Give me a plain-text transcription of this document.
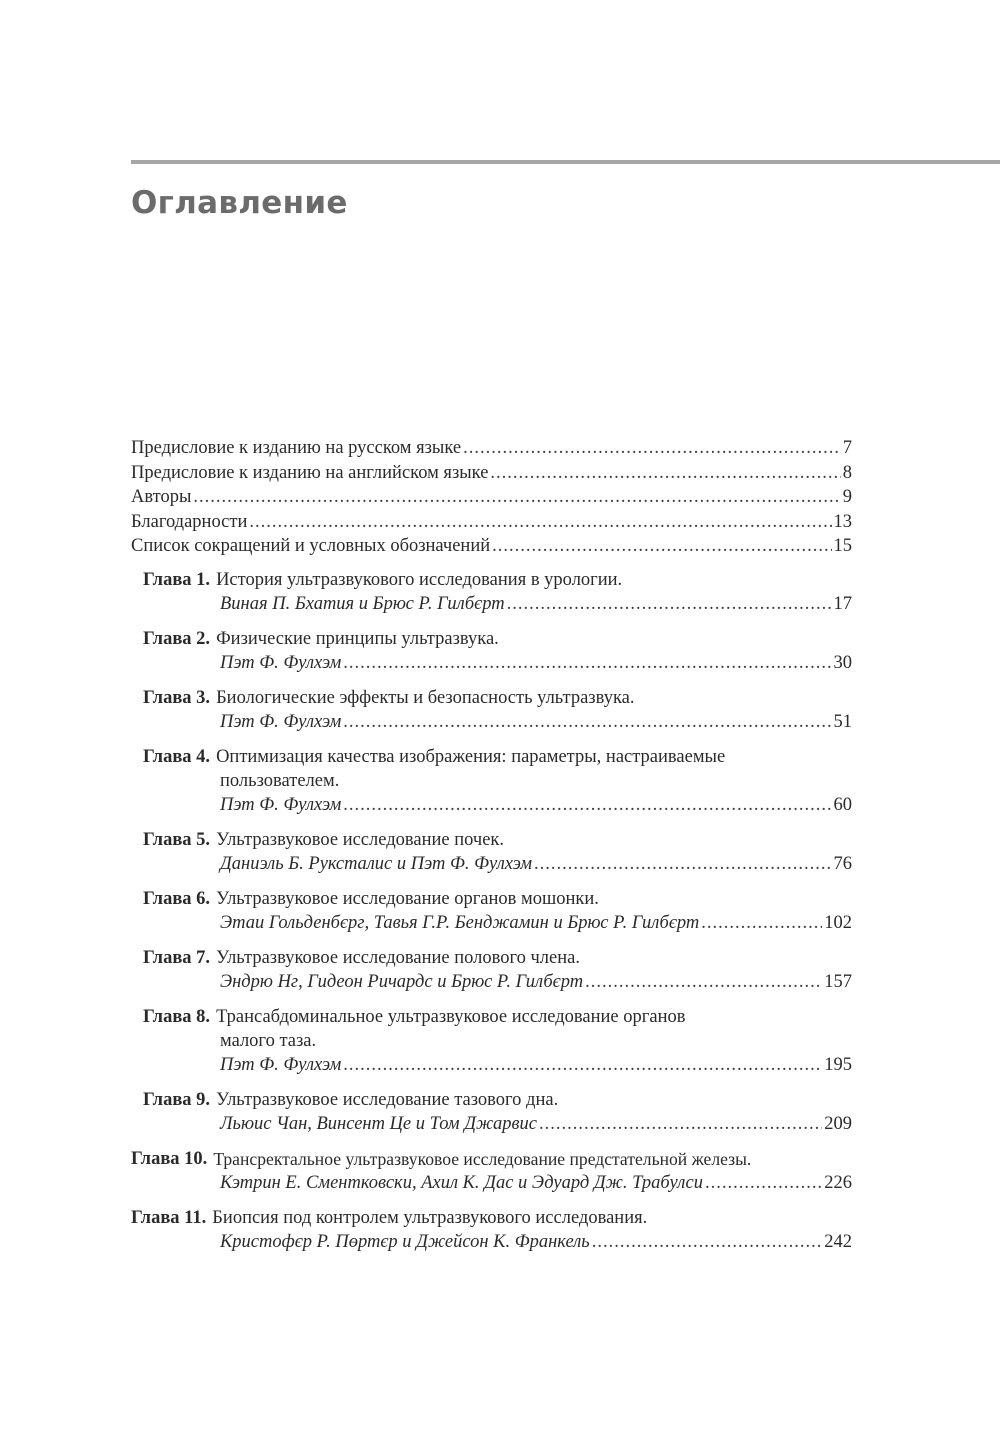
Оглавление
Предисловие к изданию на русском языке .....	7
Предисловие к изданию на английском языке .....	8
Авторы .....	9
Благодарности .....	13
Список сокращений и условных обозначений .....	15
Глава 1. История ультразвукового исследования в урологии.
Виная П. Бхатия и Брюс Р. Гилбєрт .....	17
Глава 2. Физические принципы ультразвука.
Пэт Ф. Фулхэм .....	30
Глава 3. Биологические эффекты и безопасность ультразвука.
Пэт Ф. Фулхэм .....	51
Глава 4. Оптимизация качества изображения: параметры, настраиваемые
пользователем.
Пэт Ф. Фулхэм .....	60
Глава 5. Ультразвуковое исследование почек.
Даниэль Б. Рукстaлис и Пэт Ф. Фулхэм .....	76
Глава 6. Ультразвуковое исследование органов мошонки.
Этаи Гольденбєрг, Тавья Г.Р. Бенджамин и Брюс Р. Гилбєрт .....	102
Глава 7. Ультразвуковое исследование полового члена.
Эндрю Нг, Гидеон Ричардс и Брюс Р. Гилбєрт .....	157
Глава 8. Трансабдоминальное ультразвуковое исследование органов
малого таза.
Пэт Ф. Фулхэм .....	195
Глава 9. Ультразвуковое исследование тазового дна.
Льюис Чан, Винсент Це и Том Джарвис .....	209
Глава 10. Трансректальное ультразвуковое исследование предстательной железы.
Кэтрин Е. Сментковски, Ахил К. Дас и Эдуард Дж. Трабулси .....	226
Глава 11. Биопсия под контролем ультразвукового исследования.
Кристофєр Р. Пөртєр и Джейсон К. Франкель .....	242
